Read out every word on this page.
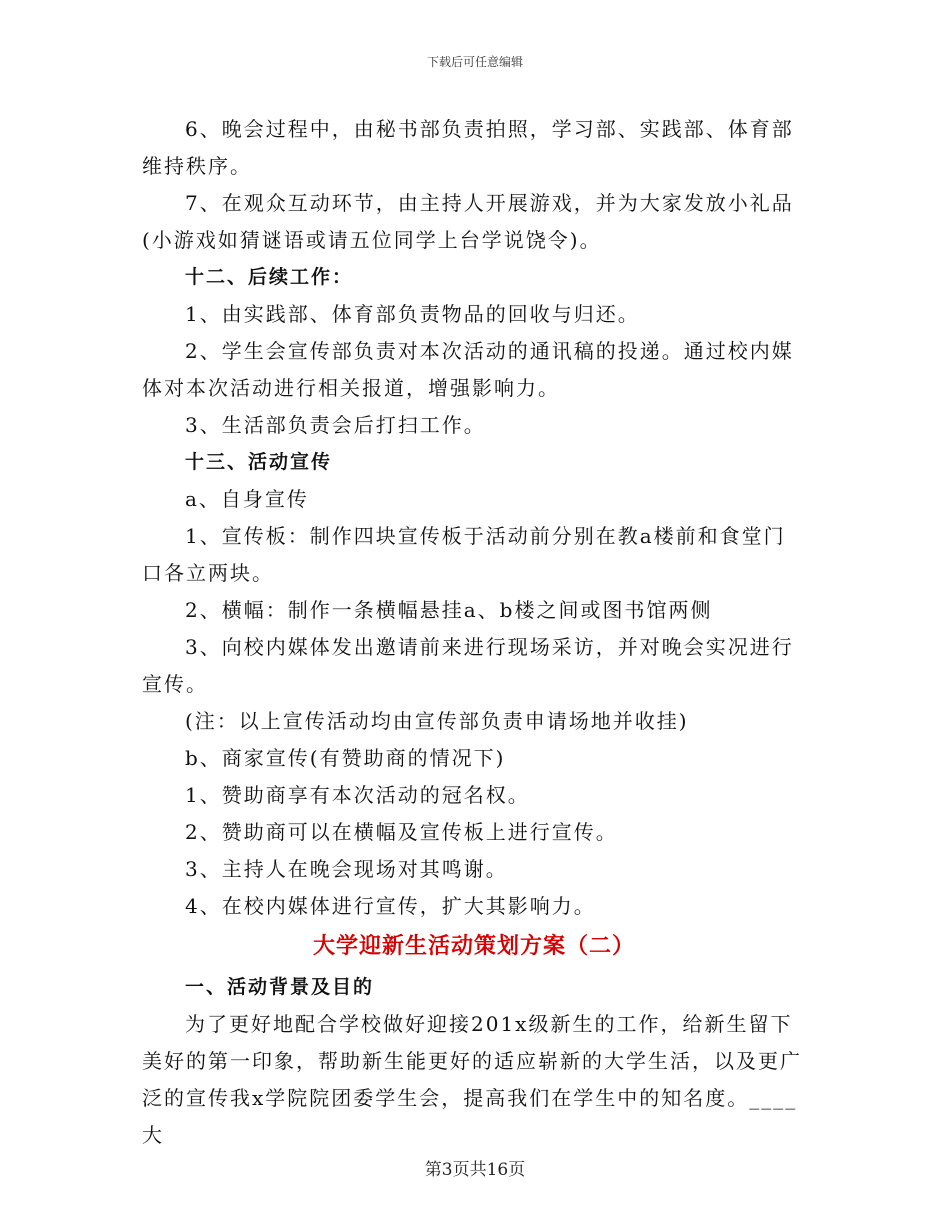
下载后可任意编辑

6、晚会过程中，由秘书部负责拍照，学习部、实践部、体育部维持秩序。

7、在观众互动环节，由主持人开展游戏，并为大家发放小礼品(小游戏如猜谜语或请五位同学上台学说饶令)。

十二、后续工作：

1、由实践部、体育部负责物品的回收与归还。

2、学生会宣传部负责对本次活动的通讯稿的投递。通过校内媒体对本次活动进行相关报道，增强影响力。

3、生活部负责会后打扫工作。

十三、活动宣传

a、自身宣传

1、宣传板：制作四块宣传板于活动前分别在教a楼前和食堂门口各立两块。

2、横幅：制作一条横幅悬挂a、b楼之间或图书馆两侧

3、向校内媒体发出邀请前来进行现场采访，并对晚会实况进行宣传。

(注：以上宣传活动均由宣传部负责申请场地并收挂)

b、商家宣传(有赞助商的情况下)

1、赞助商享有本次活动的冠名权。

2、赞助商可以在横幅及宣传板上进行宣传。

3、主持人在晚会现场对其鸣谢。

4、在校内媒体进行宣传，扩大其影响力。

大学迎新生活动策划方案（二）

一、活动背景及目的

为了更好地配合学校做好迎接201x级新生的工作，给新生留下美好的第一印象，帮助新生能更好的适应崭新的大学生活，以及更广泛的宣传我x学院院团委学生会，提高我们在学生中的知名度。____大

第3页共16页
